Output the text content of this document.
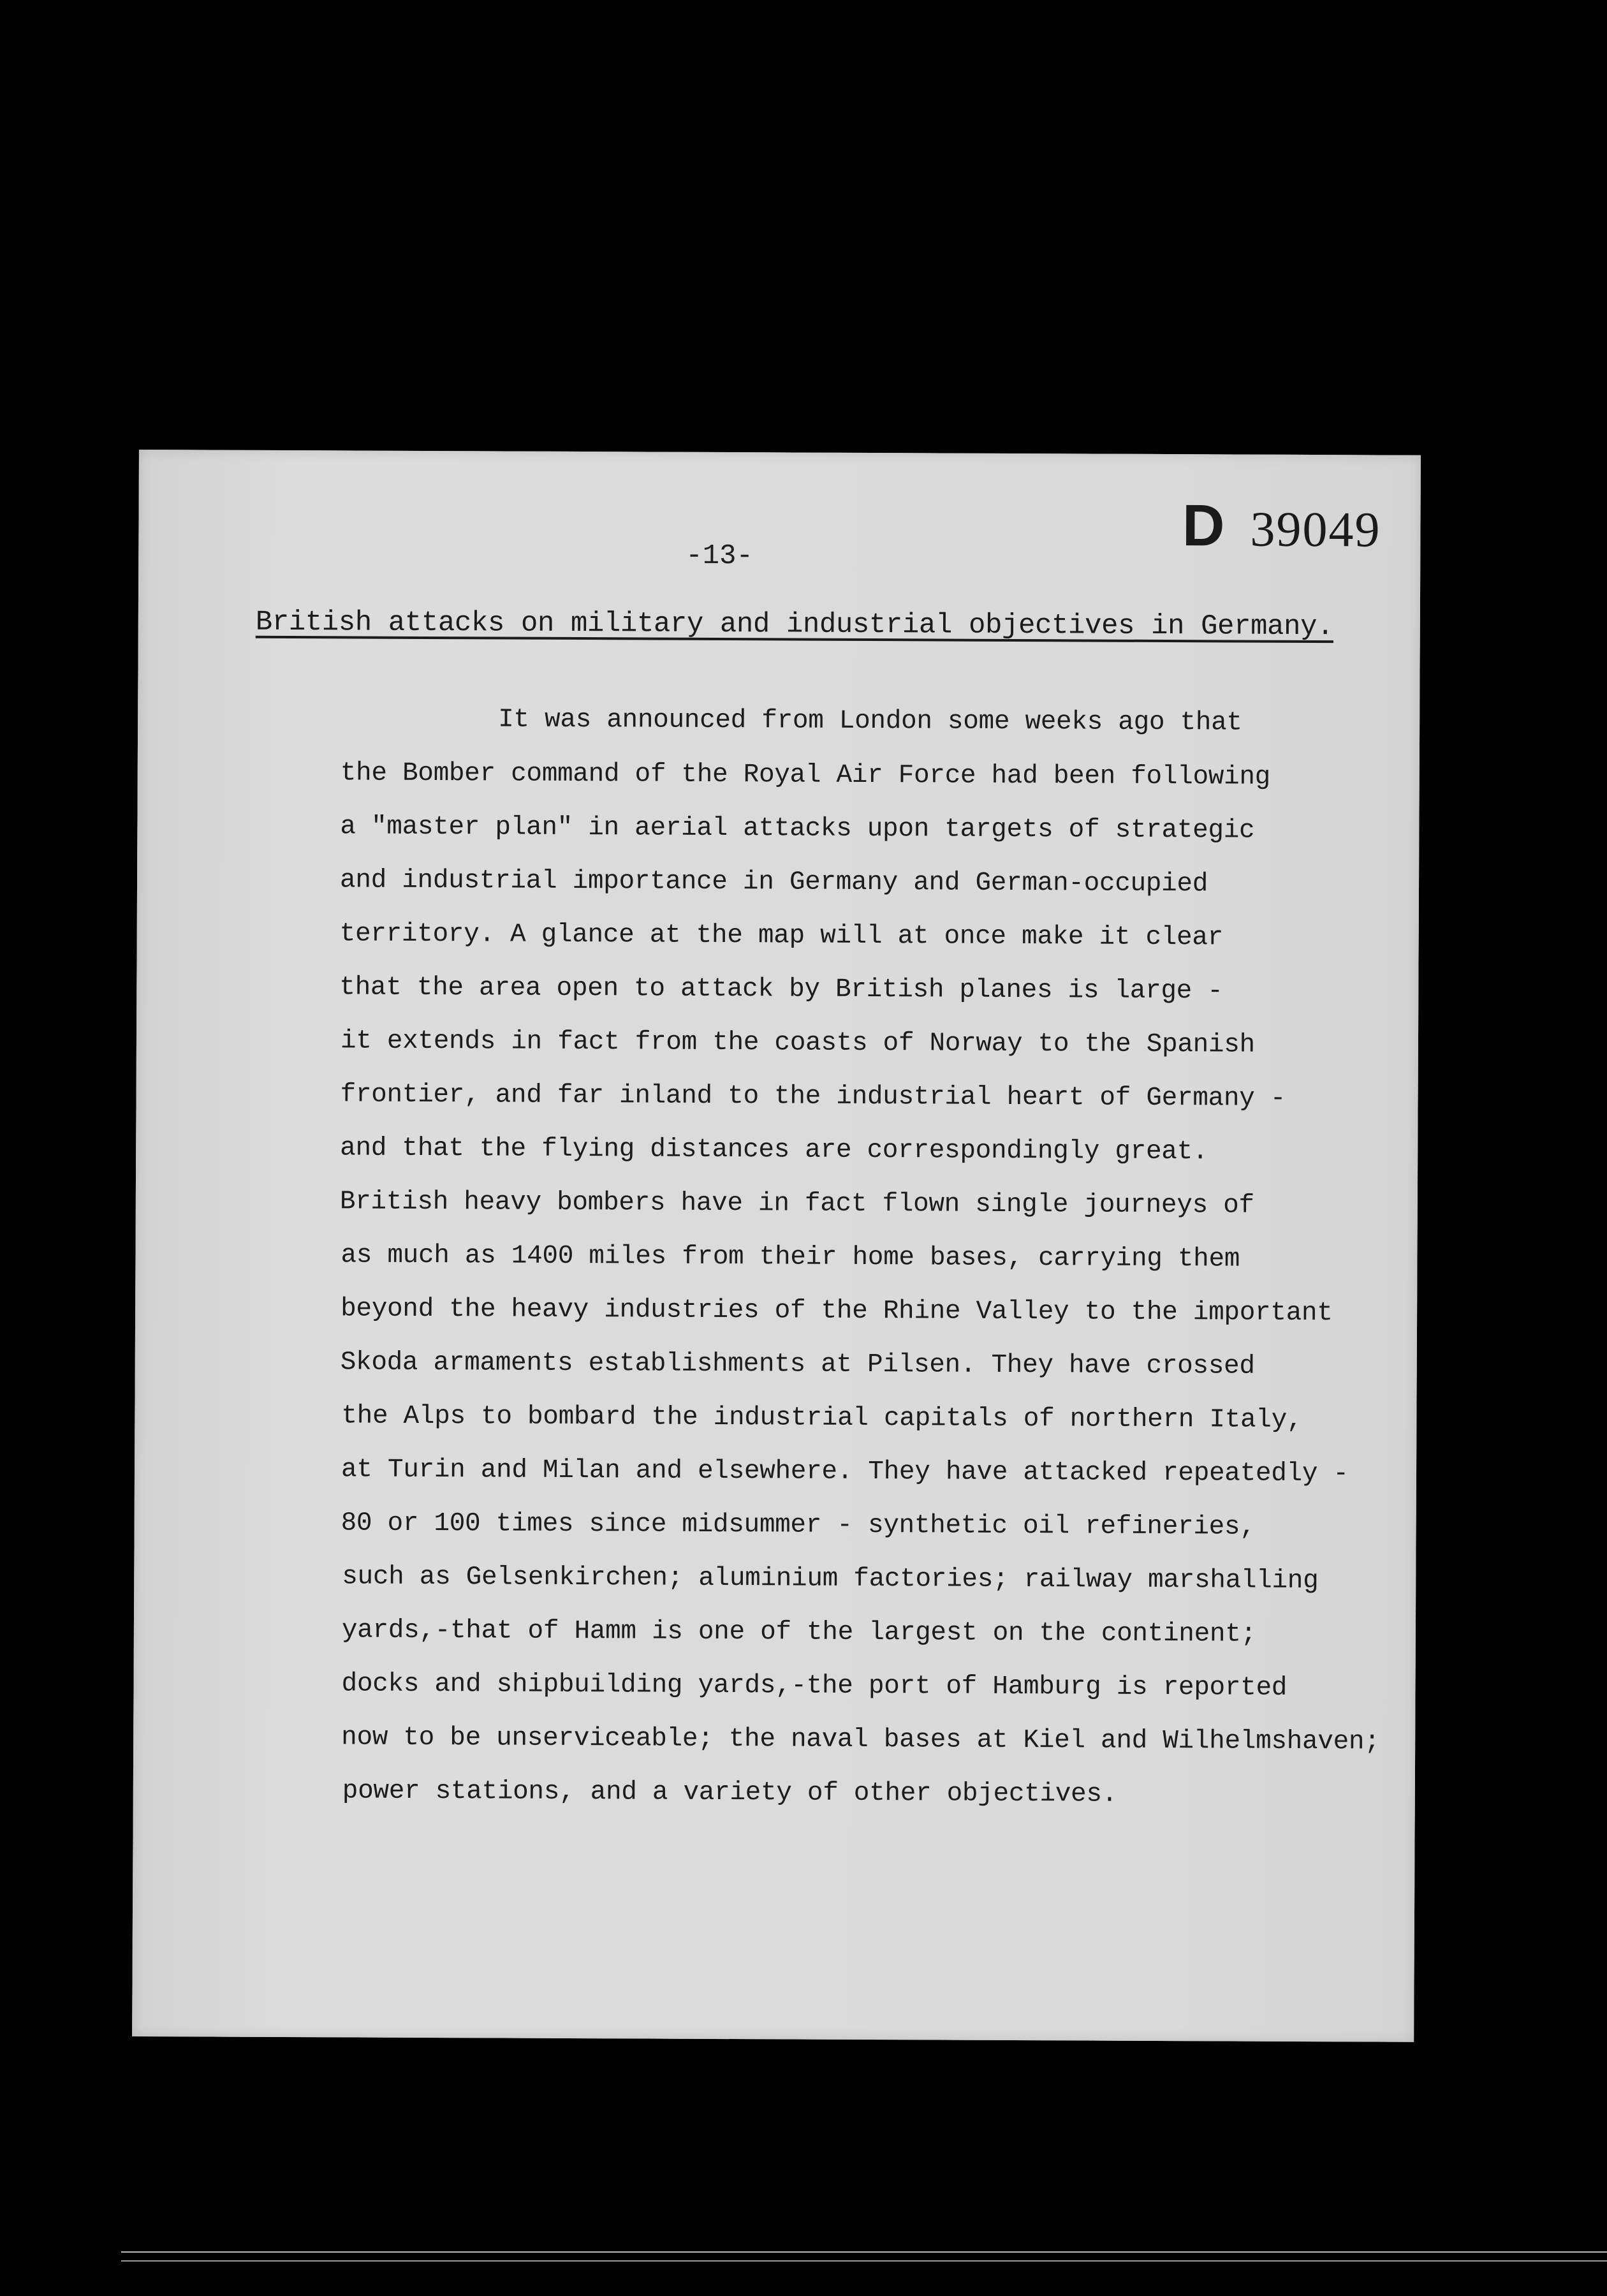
D 39049
-13-
British attacks on military and industrial objectives in Germany.
It was announced from London some weeks ago that
the Bomber command of the Royal Air Force had been following
a "master plan" in aerial attacks upon targets of strategic
and industrial importance in Germany and German-occupied
territory. A glance at the map will at once make it clear
that the area open to attack by British planes is large -
it extends in fact from the coasts of Norway to the Spanish
frontier, and far inland to the industrial heart of Germany -
and that the flying distances are correspondingly great.
British heavy bombers have in fact flown single journeys of
as much as 1400 miles from their home bases, carrying them
beyond the heavy industries of the Rhine Valley to the important
Skoda armaments establishments at Pilsen. They have crossed
the Alps to bombard the industrial capitals of northern Italy,
at Turin and Milan and elsewhere. They have attacked repeatedly -
80 or 100 times since midsummer - synthetic oil refineries,
such as Gelsenkirchen; aluminium factories; railway marshalling
yards,-that of Hamm is one of the largest on the continent;
docks and shipbuilding yards,-the port of Hamburg is reported
now to be unserviceable; the naval bases at Kiel and Wilhelmshaven;
power stations, and a variety of other objectives.
